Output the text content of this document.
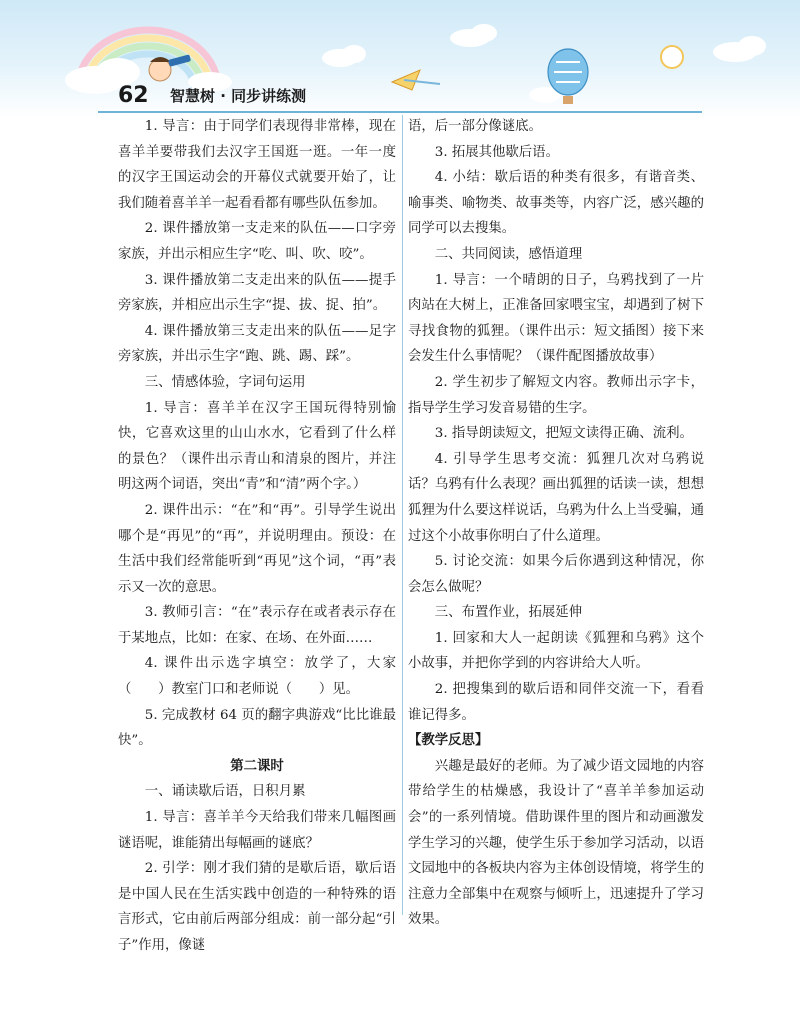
62	智慧树 · 同步讲练测

1. 导言：由于同学们表现得非常棒，现在喜羊羊要带我们去汉字王国逛一逛。一年一度的汉字王国运动会的开幕仪式就要开始了，让我们随着喜羊羊一起看看都有哪些队伍参加。

2. 课件播放第一支走来的队伍——口字旁家族，并出示相应生字“吃、叫、吹、咬”。

3. 课件播放第二支走出来的队伍——提手旁家族，并相应出示生字“提、拔、捉、拍”。

4. 课件播放第三支走出来的队伍——足字旁家族，并出示生字“跑、跳、踢、踩”。

三、情感体验，字词句运用

1. 导言：喜羊羊在汉字王国玩得特别愉快，它喜欢这里的山山水水，它看到了什么样的景色？（课件出示青山和清泉的图片，并注明这两个词语，突出“青”和“清”两个字。）

2. 课件出示：“在”和“再”。引导学生说出哪个是“再见”的“再”，并说明理由。预设：在生活中我们经常能听到“再见”这个词，“再”表示又一次的意思。

3. 教师引言：“在”表示存在或者表示存在于某地点，比如：在家、在场、在外面……

4. 课件出示选字填空：放学了，大家（　　）教室门口和老师说（　　）见。

5. 完成教材 64 页的翻字典游戏“比比谁最快”。

第二课时

一、诵读歇后语，日积月累

1. 导言：喜羊羊今天给我们带来几幅图画谜语呢，谁能猜出每幅画的谜底？

2. 引学：刚才我们猜的是歇后语，歇后语是中国人民在生活实践中创造的一种特殊的语言形式，它由前后两部分组成：前一部分起“引子”作用，像谜

语，后一部分像谜底。

3. 拓展其他歇后语。

4. 小结：歇后语的种类有很多，有谐音类、喻事类、喻物类、故事类等，内容广泛，感兴趣的同学可以去搜集。

二、共同阅读，感悟道理

1. 导言：一个晴朗的日子，乌鸦找到了一片肉站在大树上，正准备回家喂宝宝，却遇到了树下寻找食物的狐狸。（课件出示：短文插图）接下来会发生什么事情呢？（课件配图播放故事）

2. 学生初步了解短文内容。教师出示字卡，指导学生学习发音易错的生字。

3. 指导朗读短文，把短文读得正确、流利。

4. 引导学生思考交流：狐狸几次对乌鸦说话？乌鸦有什么表现？画出狐狸的话读一读，想想狐狸为什么要这样说话，乌鸦为什么上当受骗，通过这个小故事你明白了什么道理。

5. 讨论交流：如果今后你遇到这种情况，你会怎么做呢？

三、布置作业，拓展延伸

1. 回家和大人一起朗读《狐狸和乌鸦》这个小故事，并把你学到的内容讲给大人听。

2. 把搜集到的歇后语和同伴交流一下，看看谁记得多。

【教学反思】

兴趣是最好的老师。为了减少语文园地的内容带给学生的枯燥感，我设计了“喜羊羊参加运动会”的一系列情境。借助课件里的图片和动画激发学生学习的兴趣，使学生乐于参加学习活动，以语文园地中的各板块内容为主体创设情境，将学生的注意力全部集中在观察与倾听上，迅速提升了学习效果。
